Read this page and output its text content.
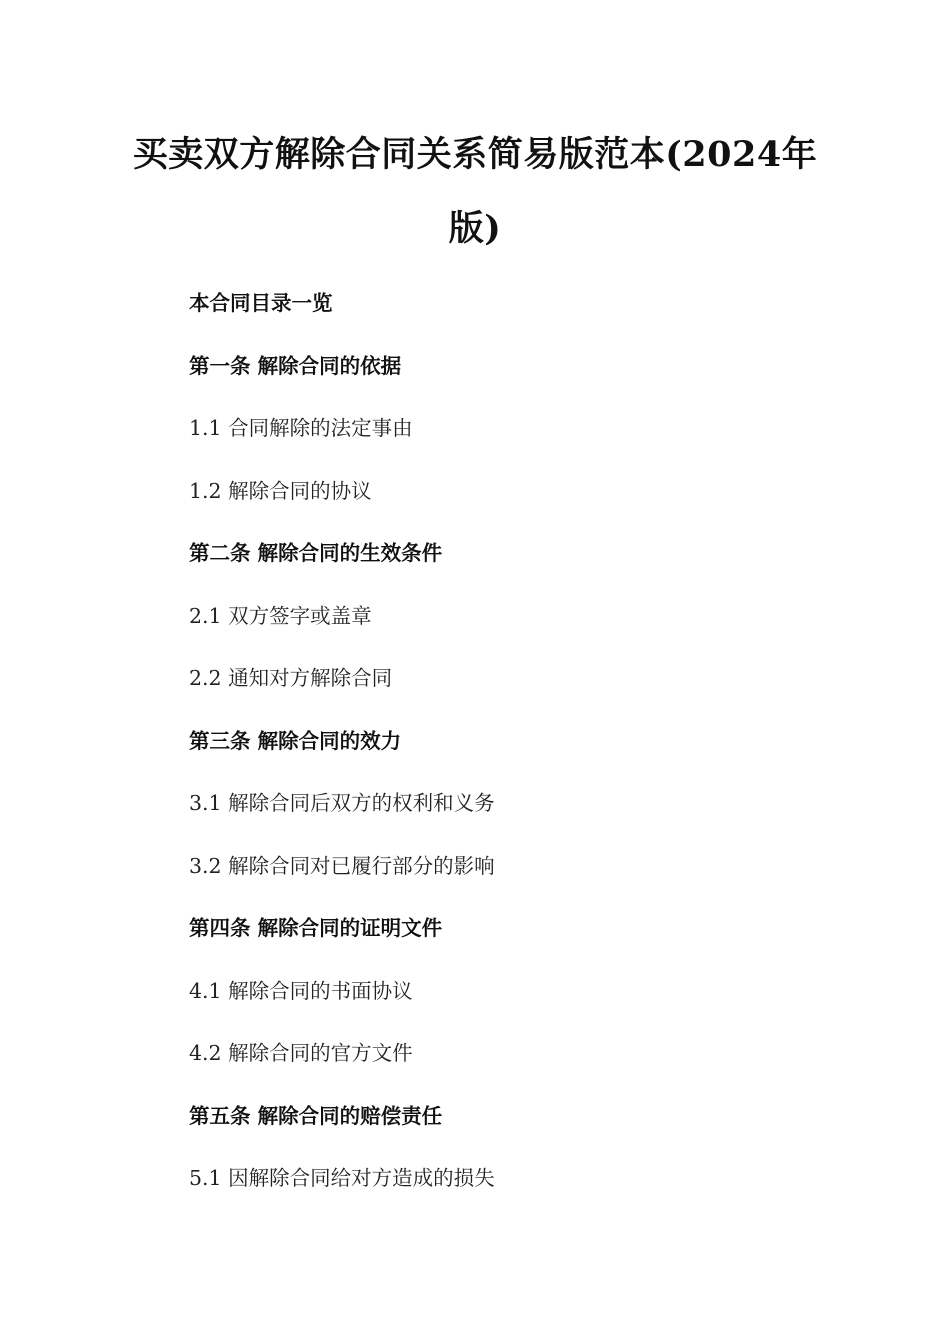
买卖双方解除合同关系简易版范本(2024年版)
本合同目录一览
第一条 解除合同的依据
1.1 合同解除的法定事由
1.2 解除合同的协议
第二条 解除合同的生效条件
2.1 双方签字或盖章
2.2 通知对方解除合同
第三条 解除合同的效力
3.1 解除合同后双方的权利和义务
3.2 解除合同对已履行部分的影响
第四条 解除合同的证明文件
4.1 解除合同的书面协议
4.2 解除合同的官方文件
第五条 解除合同的赔偿责任
5.1 因解除合同给对方造成的损失
